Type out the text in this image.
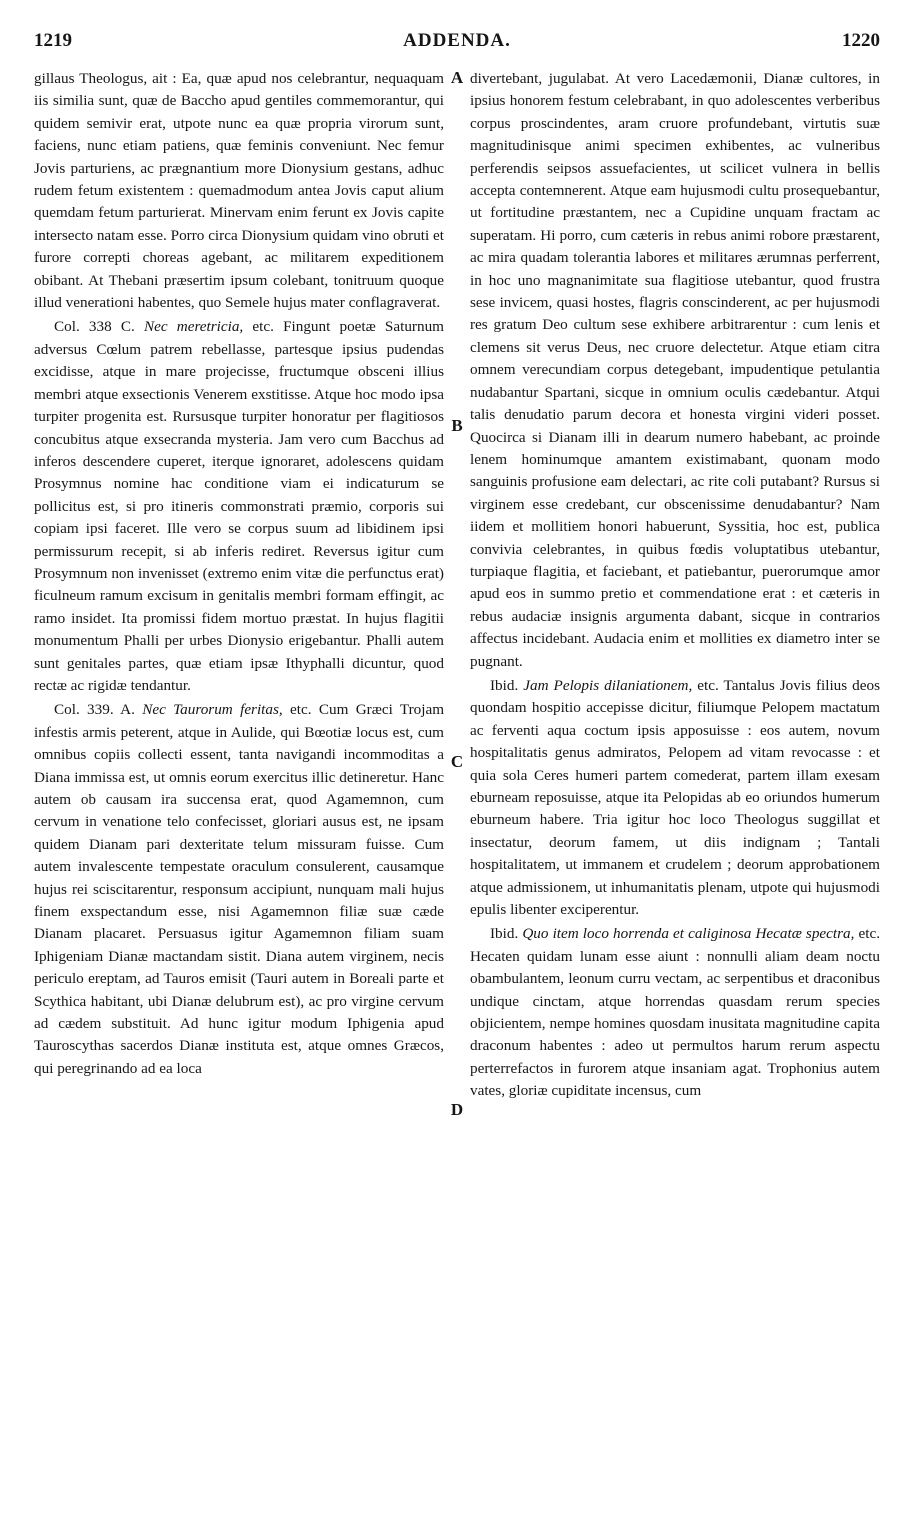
1219	ADDENDA.	1220
A
B
C
D

gillaus Theologus, ait : Ea, quæ apud nos celebrantur, nequaquam iis similia sunt, quæ de Baccho apud gentiles commemorantur, qui quidem semivir erat, utpote nunc ea quæ propria virorum sunt, faciens, nunc etiam patiens, quæ feminis conveniunt. Nec femur Jovis parturiens, ac prægnantium more Dionysium gestans, adhuc rudem fetum existentem : quemadmodum antea Jovis caput alium quemdam fetum parturierat. Minervam enim ferunt ex Jovis capite intersecto natam esse. Porro circa Dionysium quidam vino obruti et furore correpti choreas agebant, ac militarem expeditionem obibant. At Thebani præsertim ipsum colebant, tonitruum quoque illud venerationi habentes, quo Semele hujus mater conflagraverat.

Col. 338 C. Nec meretricia, etc. Fingunt poetæ Saturnum adversus Cœlum patrem rebellasse, partesque ipsius pudendas excidisse, atque in mare projecisse, fructumque obsceni illius membri atque exsectionis Venerem exstitisse. Atque hoc modo ipsa turpiter progenita est. Rursusque turpiter honoratur per flagitiosos concubitus atque exsecranda mysteria. Jam vero cum Bacchus ad inferos descendere cuperet, iterque ignoraret, adolescens quidam Prosymnus nomine hac conditione viam ei indicaturum se pollicitus est, si pro itineris commonstrati præmio, corporis sui copiam ipsi faceret. Ille vero se corpus suum ad libidinem ipsi permissurum recepit, si ab inferis rediret. Reversus igitur cum Prosymnum non invenisset (extremo enim vitæ die perfunctus erat) ficulneum ramum excisum in genitalis membri formam effingit, ac ramo insidet. Ita promissi fidem mortuo præstat. In hujus flagitii monumentum Phalli per urbes Dionysio erigebantur. Phalli autem sunt genitales partes, quæ etiam ipsæ Ithyphalli dicuntur, quod rectæ ac rigidæ tendantur.

Col. 339. A. Nec Taurorum feritas, etc. Cum Græci Trojam infestis armis peterent, atque in Aulide, qui Bœotiæ locus est, cum omnibus copiis collecti essent, tanta navigandi incommoditas a Diana immissa est, ut omnis eorum exercitus illic detineretur. Hanc autem ob causam ira succensa erat, quod Agamemnon, cum cervum in venatione telo confecisset, gloriari ausus est, ne ipsam quidem Dianam pari dexteritate telum missuram fuisse. Cum autem invalescente tempestate oraculum consulerent, causamque hujus rei sciscitarentur, responsum accipiunt, nunquam mali hujus finem exspectandum esse, nisi Agamemnon filiæ suæ cæde Dianam placaret. Persuasus igitur Agamemnon filiam suam Iphigeniam Dianæ mactandam sistit. Diana autem virginem, necis periculo ereptam, ad Tauros emisit (Tauri autem in Boreali parte et Scythica habitant, ubi Dianæ delubrum est), ac pro virgine cervum ad cædem substituit. Ad hunc igitur modum Iphigenia apud Tauroscythas sacerdos Dianæ instituta est, atque omnes Græcos, qui peregrinando ad ea loca

divertebant, jugulabat. At vero Lacedæmonii, Dianæ cultores, in ipsius honorem festum celebrabant, in quo adolescentes verberibus corpus proscindentes, aram cruore profundebant, virtutis suæ magnitudinisque animi specimen exhibentes, ac vulneribus perferendis seipsos assuefacientes, ut scilicet vulnera in bellis accepta contemnerent. Atque eam hujusmodi cultu prosequebantur, ut fortitudine præstantem, nec a Cupidine unquam fractam ac superatam. Hi porro, cum cæteris in rebus animi robore præstarent, ac mira quadam tolerantia labores et militares ærumnas perferrent, in hoc uno magnanimitate sua flagitiose utebantur, quod frustra sese invicem, quasi hostes, flagris conscinderent, ac per hujusmodi res gratum Deo cultum sese exhibere arbitrarentur : cum lenis et clemens sit verus Deus, nec cruore delectetur. Atque etiam citra omnem verecundiam corpus detegebant, impudentique petulantia nudabantur Spartani, sicque in omnium oculis cædebantur. Atqui talis denudatio parum decora et honesta virgini videri posset. Quocirca si Dianam illi in dearum numero habebant, ac proinde lenem hominumque amantem existimabant, quonam modo sanguinis profusione eam delectari, ac rite coli putabant? Rursus si virginem esse credebant, cur obscenissime denudabantur? Nam iidem et mollitiem honori habuerunt, Syssitia, hoc est, publica convivia celebrantes, in quibus fœdis voluptatibus utebantur, turpiaque flagitia, et faciebant, et patiebantur, puerorumque amor apud eos in summo pretio et commendatione erat : et cæteris in rebus audaciæ insignis argumenta dabant, sicque in contrarios affectus incidebant. Audacia enim et mollities ex diametro inter se pugnant.

Ibid. Jam Pelopis dilaniationem, etc. Tantalus Jovis filius deos quondam hospitio accepisse dicitur, filiumque Pelopem mactatum ac ferventi aqua coctum ipsis apposuisse : eos autem, novum hospitalitatis genus admiratos, Pelopem ad vitam revocasse : et quia sola Ceres humeri partem comederat, partem illam exesam eburneam reposuisse, atque ita Pelopidas ab eo oriundos humerum eburneum habere. Tria igitur hoc loco Theologus suggillat et insectatur, deorum famem, ut diis indignam ; Tantali hospitalitatem, ut immanem et crudelem ; deorum approbationem atque admissionem, ut inhumanitatis plenam, utpote qui hujusmodi epulis libenter exciperentur.

Ibid. Quo item loco horrenda et caliginosa Hecatæ spectra, etc. Hecaten quidam lunam esse aiunt : nonnulli aliam deam noctu obambulantem, leonum curru vectam, ac serpentibus et draconibus undique cinctam, atque horrendas quasdam rerum species objicientem, nempe homines quosdam inusitata magnitudine capita draconum habentes : adeo ut permultos harum rerum aspectu perterrefactos in furorem atque insaniam agat. Trophonius autem vates, gloriæ cupiditate incensus, cum
